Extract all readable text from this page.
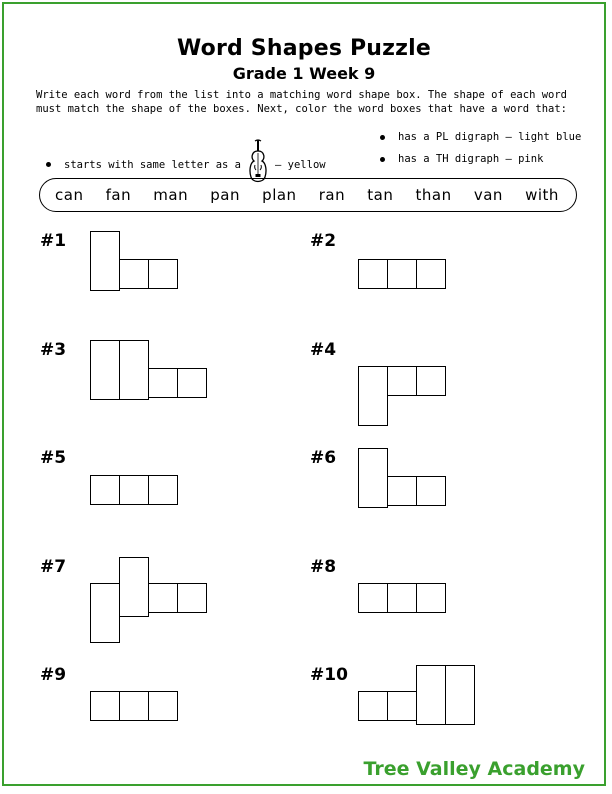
Word Shapes Puzzle
Grade 1 Week 9
Write each word from the list into a matching word shape box. The shape of each word
must match the shape of the boxes. Next, color the word boxes that have a word that:
starts with same letter as a	– yellow
has a PL digraph – light blue
has a TH digraph – pink
can fan man pan plan ran tan than van with
#1	#2
#3	#4
#5	#6
#7	#8
#9	#10
Tree Valley Academy
